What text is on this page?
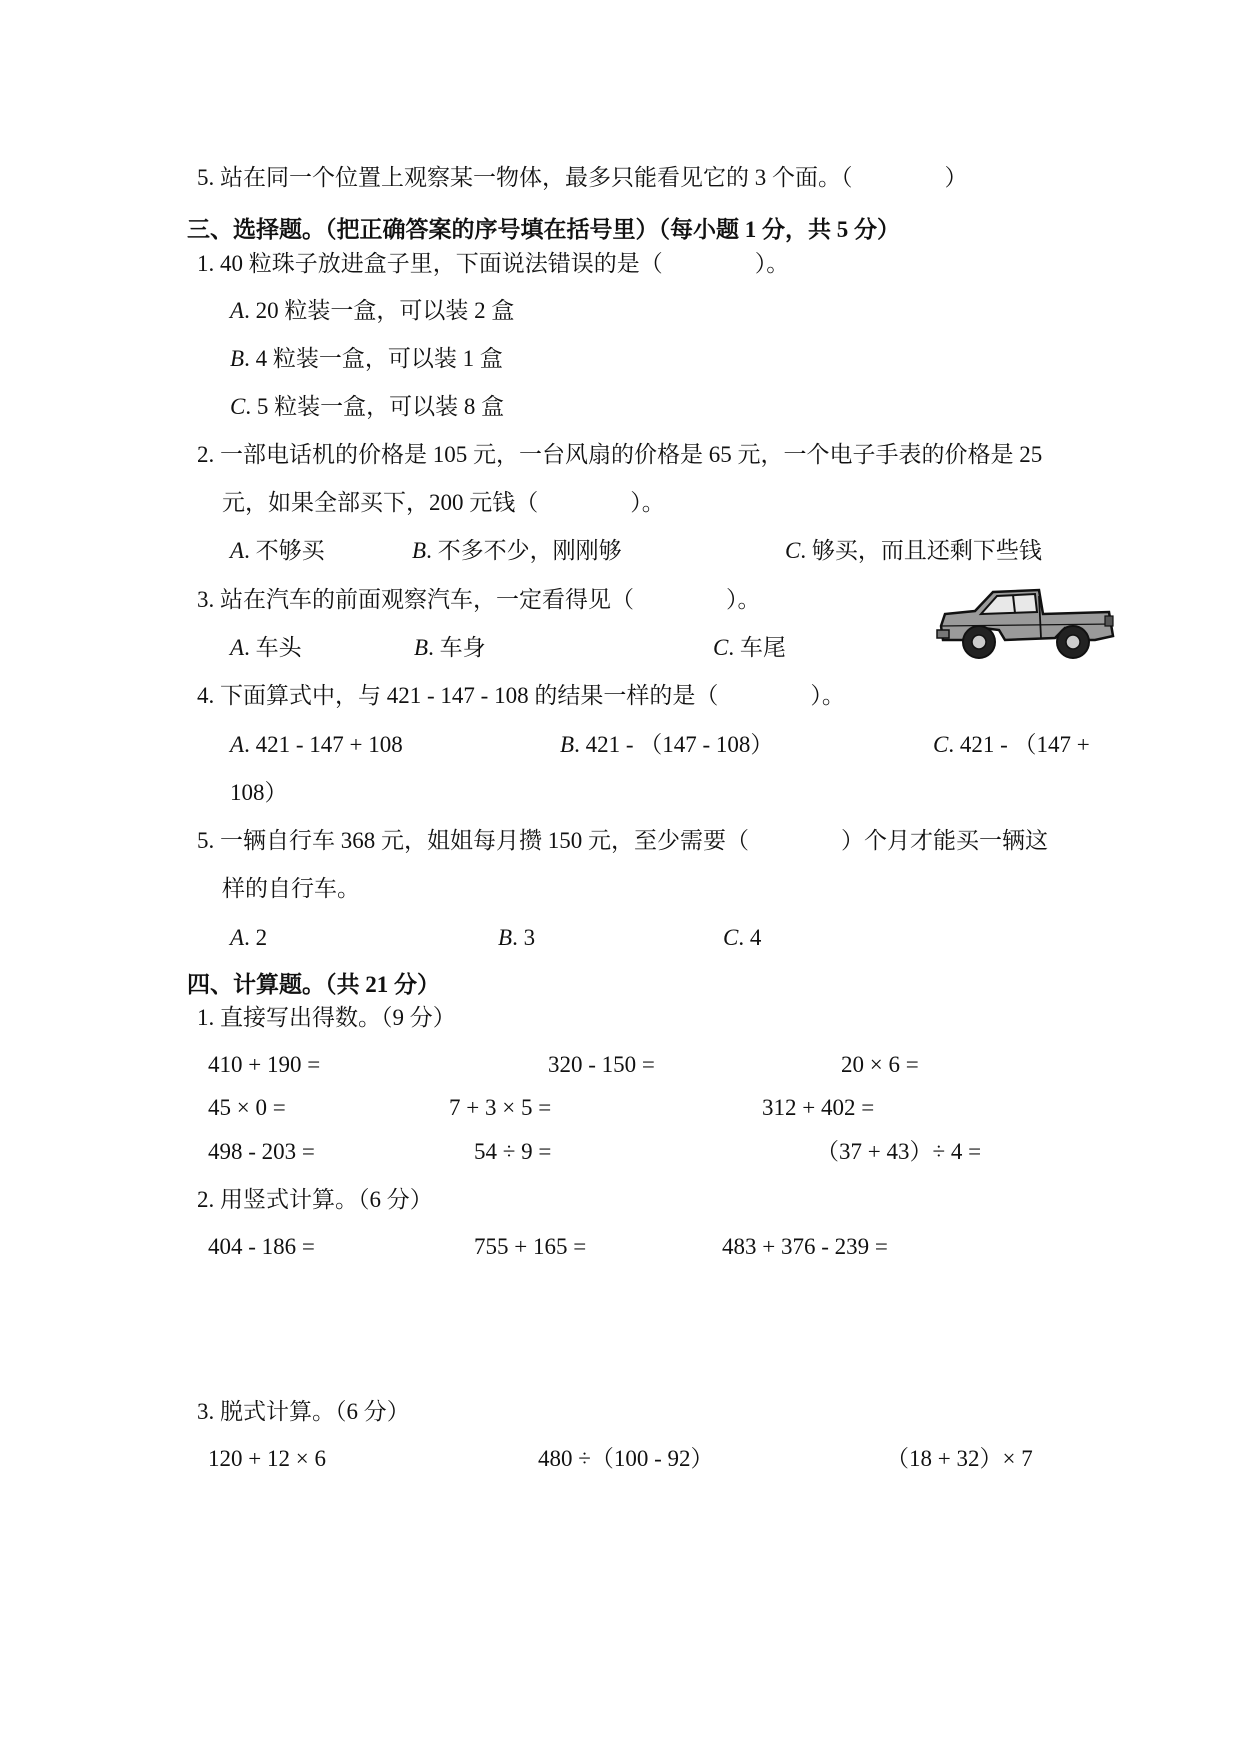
5. 站在同一个位置上观察某一物体，最多只能看见它的 3 个面。（　　　　）
三、选择题。（把正确答案的序号填在括号里）（每小题 1 分，共 5 分）
1. 40 粒珠子放进盒子里，下面说法错误的是（　　　　）。
A. 20 粒装一盒，可以装 2 盒
B. 4 粒装一盒，可以装 1 盒
C. 5 粒装一盒，可以装 8 盒
2. 一部电话机的价格是 105 元，一台风扇的价格是 65 元，一个电子手表的价格是 25
元，如果全部买下，200 元钱（　　　　）。
A. 不够买	B. 不多不少，刚刚够	C. 够买，而且还剩下些钱
3. 站在汽车的前面观察汽车，一定看得见（　　　　）。
A. 车头	B. 车身	C. 车尾
4. 下面算式中，与 421 - 147 - 108 的结果一样的是（　　　　）。
A. 421 - 147 + 108	B. 421 - （147 - 108）	C. 421 - （147 +
108）
5. 一辆自行车 368 元，姐姐每月攒 150 元，至少需要（　　　　）个月才能买一辆这
样的自行车。
A. 2	B. 3	C. 4
四、计算题。（共 21 分）
1. 直接写出得数。（9 分）
410 + 190 =	320 - 150 =	20 × 6 =
45 × 0 =	7 + 3 × 5 =	312 + 402 =
498 - 203 =	54 ÷ 9 =	（37 + 43）÷ 4 =
2. 用竖式计算。（6 分）
404 - 186 =	755 + 165 =	483 + 376 - 239 =
3. 脱式计算。（6 分）
120 + 12 × 6	480 ÷（100 - 92）	（18 + 32）× 7
